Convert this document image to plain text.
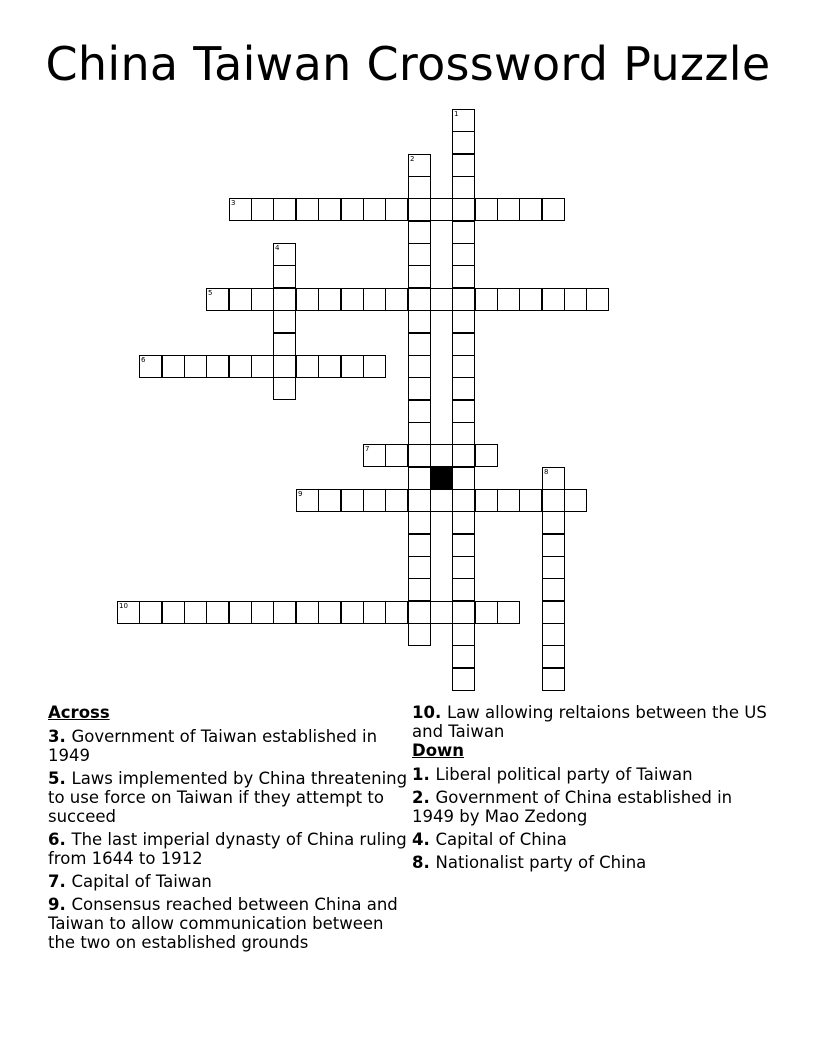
China Taiwan Crossword Puzzle
3
5
6
7
9
10
1
2
4
8
Across
3. Government of Taiwan established in 1949
5. Laws implemented by China threatening to use force on Taiwan if they attempt to succeed
6. The last imperial dynasty of China ruling from 1644 to 1912
7. Capital of Taiwan
9. Consensus reached between China and Taiwan to allow communication between the two on established grounds
10. Law allowing reltaions between the US and Taiwan
Down
1. Liberal political party of Taiwan
2. Government of China established in 1949 by Mao Zedong
4. Capital of China
8. Nationalist party of China
